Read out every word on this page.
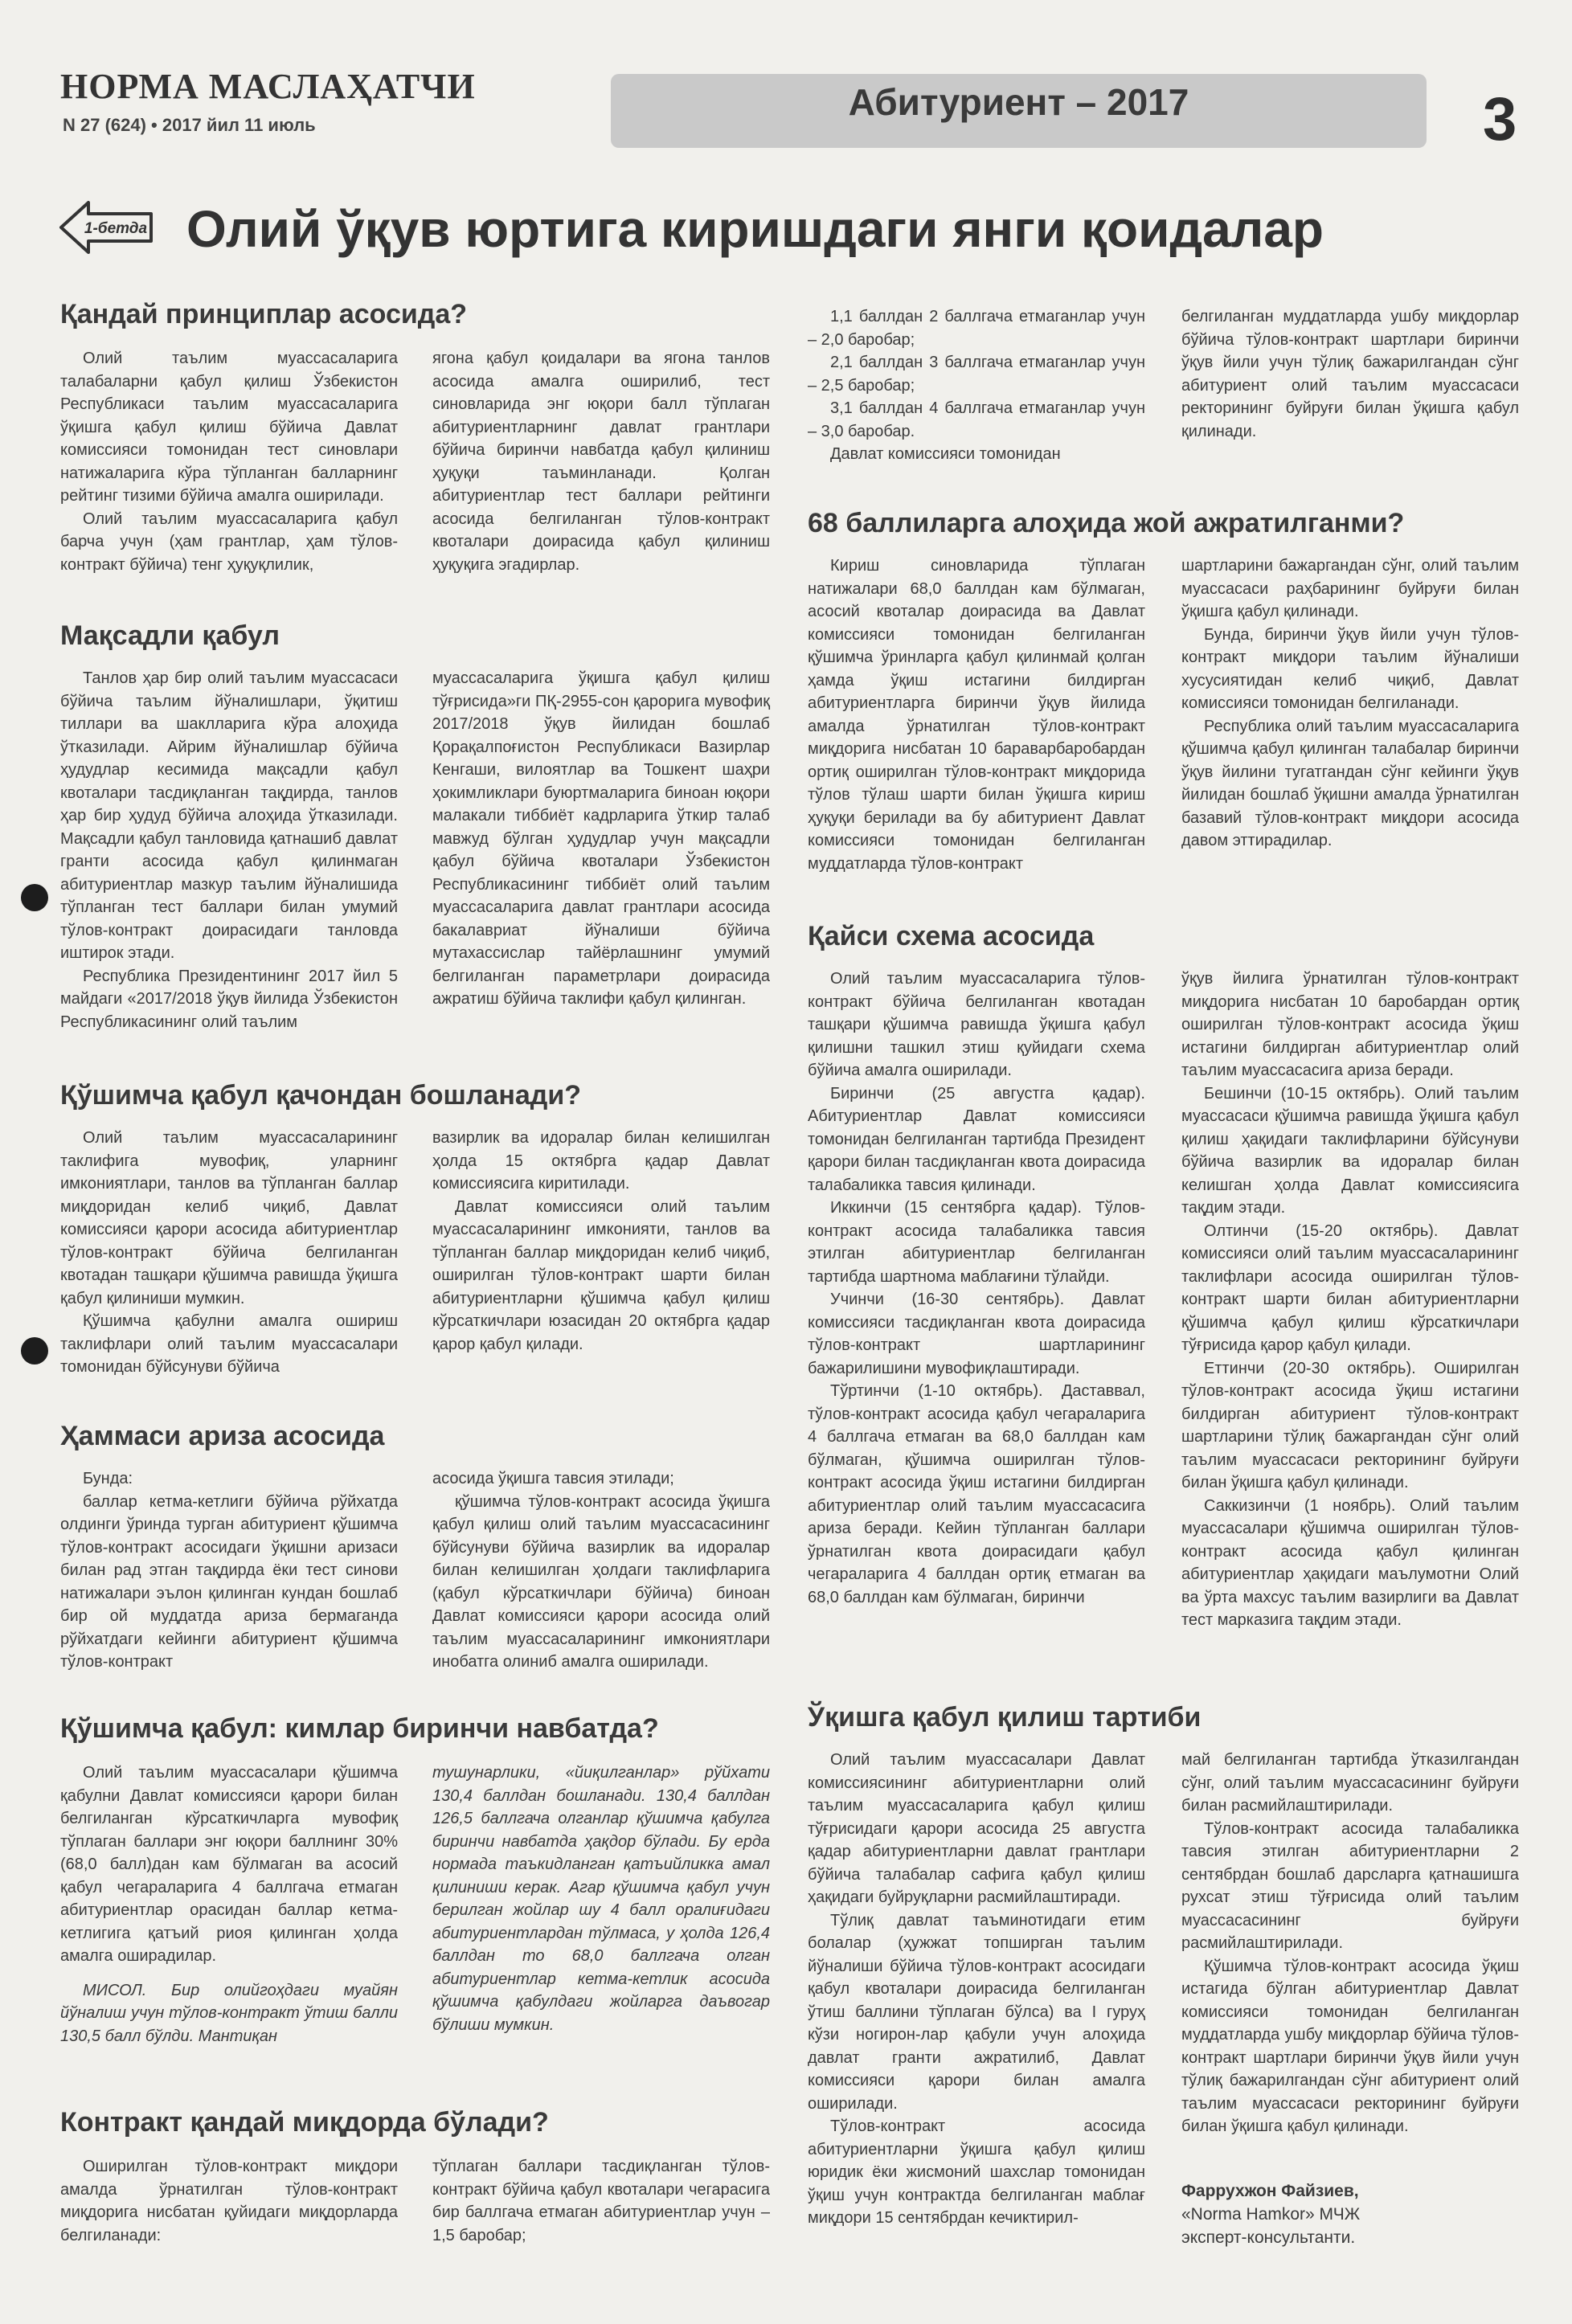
НОРМА МАСЛАҲАТЧИ
N 27 (624) • 2017 йил 11 июль
Абитуриент – 2017	3
1-бетда Олий ўқув юртига киришдаги янги қоидалар
Қандай принциплар асосида?

Олий таълим муассасаларига талабаларни қабул қилиш Ўзбекистон Республикаси таълим муассасаларига ўқишга қабул қилиш бўйича Давлат комиссияси томонидан тест синовлари натижаларига кўра тўпланган балларнинг рейтинг тизими бўйича амалга оширилади.

Олий таълим муассасаларига қабул барча учун (ҳам грантлар, ҳам тўлов-контракт бўйича) тенг ҳуқуқлилик,

ягона қабул қоидалари ва ягона танлов асосида амалга оширилиб, тест синовларида энг юқори балл тўплаган абитуриентларнинг давлат грантлари бўйича биринчи навбатда қабул қилиниш ҳуқуқи таъминланади. Қолган абитуриентлар тест баллари рейтинги асосида белгиланган тўлов-контракт квоталари доирасида қабул қилиниш ҳуқуқига эгадирлар.

Мақсадли қабул

Танлов ҳар бир олий таълим муассасаси бўйича таълим йўналишлари, ўқитиш тиллари ва шаклларига кўра алоҳида ўтказилади. Айрим йўналишлар бўйича ҳудудлар кесимида мақсадли қабул квоталари тасдиқланган тақдирда, танлов ҳар бир ҳудуд бўйича алоҳида ўтказилади. Мақсадли қабул танловида қатнашиб давлат гранти асосида қабул қилинмаган абитуриентлар мазкур таълим йўналишида тўпланган тест баллари билан умумий тўлов-контракт доирасидаги танловда иштирок этади.

Республика Президентининг 2017 йил 5 майдаги «2017/2018 ўқув йилида Ўзбекистон Республикасининг олий таълим

муассасаларига ўқишга қабул қилиш тўғрисида»ги ПҚ-2955-сон қарорига мувофиқ 2017/2018 ўқув йилидан бошлаб Қорақалпоғистон Республикаси Вазирлар Кенгаши, вилоятлар ва Тошкент шаҳри ҳокимликлари буюртмаларига биноан юқори малакали тиббиёт кадрларига ўткир талаб мавжуд бўлган ҳудудлар учун мақсадли қабул бўйича квоталари Ўзбекистон Республикасининг тиббиёт олий таълим муассасаларига давлат грантлари асосида бакалавриат йўналиши бўйича мутахассислар тайёрлашнинг умумий белгиланган параметрлари доирасида ажратиш бўйича таклифи қабул қилинган.

Қўшимча қабул қачондан бошланади?

Олий таълим муассасаларининг таклифига мувофиқ, уларнинг имкониятлари, танлов ва тўпланган баллар миқдоридан келиб чиқиб, Давлат комиссияси қарори асосида абитуриентлар тўлов-контракт бўйича белгиланган квотадан ташқари қўшимча равишда ўқишга қабул қилиниши мумкин.

Қўшимча қабулни амалга ошириш таклифлари олий таълим муассасалари томонидан бўйсунуви бўйича

вазирлик ва идоралар билан келишилган ҳолда 15 октябрга қадар Давлат комиссиясига киритилади.

Давлат комиссияси олий таълим муассасаларининг имконияти, танлов ва тўпланган баллар миқдоридан келиб чиқиб, оширилган тўлов-контракт шарти билан абитуриентларни қўшимча қабул қилиш кўрсаткичлари юзасидан 20 октябрга қадар қарор қабул қилади.

Ҳаммаси ариза асосида

Бунда:

баллар кетма-кетлиги бўйича рўйхатда олдинги ўринда турган абитуриент қўшимча тўлов-контракт асосидаги ўқишни аризаси билан рад этган тақдирда ёки тест синови натижалари эълон қилинган кундан бошлаб бир ой муддатда ариза бермаганда рўйхатдаги кейинги абитуриент қўшимча тўлов-контракт

асосида ўқишга тавсия этилади;

қўшимча тўлов-контракт асосида ўқишга қабул қилиш олий таълим муассасасининг бўйсунуви бўйича вазирлик ва идоралар билан келишилган ҳолдаги таклифларига (қабул кўрсаткичлари бўйича) биноан Давлат комиссияси қарори асосида олий таълим муассасаларининг имкониятлари инобатга олиниб амалга оширилади.

Қўшимча қабул: кимлар биринчи навбатда?

Олий таълим муассасалари қўшимча қабулни Давлат комиссияси қарори билан белгиланган кўрсаткичларга мувофиқ тўплаган баллари энг юқори баллнинг 30% (68,0 балл)дан кам бўлмаган ва асосий қабул чегараларига 4 баллгача етмаган абитуриентлар орасидан баллар кетма-кетлигига қатъий риоя қилинган ҳолда амалга оширадилар.

МИСОЛ. Бир олийгоҳдаги муайян йўналиш учун тўлов-контракт ўтиш балли 130,5 балл бўлди. Мантиқан

тушунарлики, «йиқилганлар» рўйхати 130,4 баллдан бошланади. 130,4 баллдан 126,5 баллгача олганлар қўшимча қабулга биринчи навбатда ҳақдор бўлади. Бу ерда нормада таъкидланган қатъийликка амал қилиниши керак. Агар қўшимча қабул учун берилган жойлар шу 4 балл оралиғидаги абитуриентлардан тўлмаса, у ҳолда 126,4 баллдан то 68,0 баллгача олган абитуриентлар кетма-кетлик асосида қўшимча қабулдаги жойларга даъвогар бўлиши мумкин.

Контракт қандай миқдорда бўлади?

Оширилган тўлов-контракт миқдори амалда ўрнатилган тўлов-контракт миқдорига нисбатан қуйидаги миқдорларда белгиланади:

тўплаган баллари тасдиқланган тўлов-контракт бўйича қабул квоталари чегарасига бир баллгача етмаган абитуриентлар учун – 1,5 баробар;

1,1 баллдан 2 баллгача етмаганлар учун – 2,0 баробар;

2,1 баллдан 3 баллгача етмаганлар учун – 2,5 баробар;

3,1 баллдан 4 баллгача етмаганлар учун – 3,0 баробар.

Давлат комиссияси томонидан

белгиланган муддатларда ушбу миқдорлар бўйича тўлов-контракт шартлари биринчи ўқув йили учун тўлиқ бажарилгандан сўнг абитуриент олий таълим муассасаси ректорининг буйруғи билан ўқишга қабул қилинади.

68 баллиларга алоҳида жой ажратилганми?

Кириш синовларида тўплаган натижалари 68,0 баллдан кам бўлмаган, асосий квоталар доирасида ва Давлат комиссияси томонидан белгиланган қўшимча ўринларга қабул қилинмай қолган ҳамда ўқиш истагини билдирган абитуриентларга биринчи ўқув йилида амалда ўрнатилган тўлов-контракт миқдорига нисбатан 10 бараварбаробардан ортиқ оширилган тўлов-контракт миқдорида тўлов тўлаш шарти билан ўқишга кириш ҳуқуқи берилади ва бу абитуриент Давлат комиссияси томонидан белгиланган муддатларда тўлов-контракт

шартларини бажаргандан сўнг, олий таълим муассасаси раҳбарининг буйруғи билан ўқишга қабул қилинади.

Бунда, биринчи ўқув йили учун тўлов-контракт миқдори таълим йўналиши хусусиятидан келиб чиқиб, Давлат комиссияси томонидан белгиланади.

Республика олий таълим муассасаларига қўшимча қабул қилинган талабалар биринчи ўқув йилини тугатгандан сўнг кейинги ўқув йилидан бошлаб ўқишни амалда ўрнатилган базавий тўлов-контракт миқдори асосида давом эттирадилар.

Қайси схема асосида

Олий таълим муассасаларига тўлов-контракт бўйича белгиланган квотадан ташқари қўшимча равишда ўқишга қабул қилишни ташкил этиш қуйидаги схема бўйича амалга оширилади.

Биринчи (25 августга қадар). Абитуриентлар Давлат комиссияси томонидан белгиланган тартибда Президент қарори билан тасдиқланган квота доирасида талабаликка тавсия қилинади.

Иккинчи (15 сентябрга қадар). Тўлов-контракт асосида талабаликка тавсия этилган абитуриентлар белгиланган тартибда шартнома маблағини тўлайди.

Учинчи (16-30 сентябрь). Давлат комиссияси тасдиқланган квота доирасида тўлов-контракт шартларининг бажарилишини мувофиқлаштиради.

Тўртинчи (1-10 октябрь). Даставвал, тўлов-контракт асосида қабул чегараларига 4 баллгача етмаган ва 68,0 баллдан кам бўлмаган, қўшимча оширилган тўлов-контракт асосида ўқиш истагини билдирган абитуриентлар олий таълим муассасасига ариза беради. Кейин тўпланган баллари ўрнатилган квота доирасидаги қабул чегараларига 4 баллдан ортиқ етмаган ва 68,0 баллдан кам бўлмаган, биринчи

ўқув йилига ўрнатилган тўлов-контракт миқдорига нисбатан 10 баробардан ортиқ оширилган тўлов-контракт асосида ўқиш истагини билдирган абитуриентлар олий таълим муассасасига ариза беради.

Бешинчи (10-15 октябрь). Олий таълим муассасаси қўшимча равишда ўқишга қабул қилиш ҳақидаги таклифларини бўйсунуви бўйича вазирлик ва идоралар билан келишган ҳолда Давлат комиссиясига тақдим этади.

Олтинчи (15-20 октябрь). Давлат комиссияси олий таълим муассасаларининг таклифлари асосида оширилган тўлов-контракт шарти билан абитуриентларни қўшимча қабул қилиш кўрсаткичлари тўғрисида қарор қабул қилади.

Еттинчи (20-30 октябрь). Оширилган тўлов-контракт асосида ўқиш истагини билдирган абитуриент тўлов-контракт шартларини тўлиқ бажаргандан сўнг олий таълим муассасаси ректорининг буйруғи билан ўқишга қабул қилинади.

Саккизинчи (1 ноябрь). Олий таълим муассасалари қўшимча оширилган тўлов-контракт асосида қабул қилинган абитуриентлар ҳақидаги маълумотни Олий ва ўрта махсус таълим вазирлиги ва Давлат тест марказига тақдим этади.

Ўқишга қабул қилиш тартиби

Олий таълим муассасалари Давлат комиссиясининг абитуриентларни олий таълим муассасаларига қабул қилиш тўғрисидаги қарори асосида 25 августга қадар абитуриентларни давлат грантлари бўйича талабалар сафига қабул қилиш ҳақидаги буйруқларни расмийлаштиради.

Тўлиқ давлат таъминотидаги етим болалар (ҳужжат топширган таълим йўналиши бўйича тўлов-контракт асосидаги қабул квоталари доирасида белгиланган ўтиш баллини тўплаган бўлса) ва I гуруҳ кўзи ногирон-лар қабули учун алоҳида давлат гранти ажратилиб, Давлат комиссияси қарори билан амалга оширилади.

Тўлов-контракт асосида абитуриентларни ўқишга қабул қилиш юридик ёки жисмоний шахслар томонидан ўқиш учун контрактда белгиланган маблағ миқдори 15 сентябрдан кечиктирил-

май белгиланган тартибда ўтказилгандан сўнг, олий таълим муассасасининг буйруғи билан расмийлаштирилади.

Тўлов-контракт асосида талабаликка тавсия этилган абитуриентларни 2 сентябрдан бошлаб дарсларга қатнашишга рухсат этиш тўғрисида олий таълим муассасасининг буйруғи расмийлаштирилади.

Қўшимча тўлов-контракт асосида ўқиш истагида бўлган абитуриентлар Давлат комиссияси томонидан белгиланган муддатларда ушбу миқдорлар бўйича тўлов-контракт шартлари биринчи ўқув йили учун тўлиқ бажарилгандан сўнг абитуриент олий таълим муассасаси ректорининг буйруғи билан ўқишга қабул қилинади.

Фаррухжон Файзиев,
«Norma Hamkor» МЧЖ
эксперт-консультанти.
